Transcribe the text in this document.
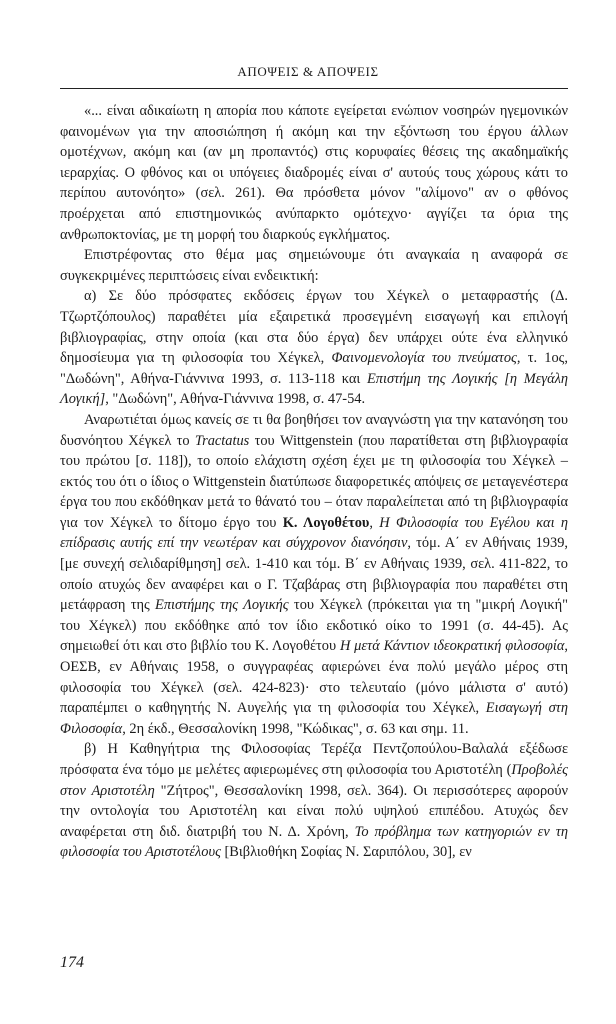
ΑΠΟΨΕΙΣ & ΑΠΟΨΕΙΣ

«... είναι αδικαίωτη η απορία που κάποτε εγείρεται ενώπιον νοσηρών ηγεμονικών φαινομένων για την αποσιώπηση ή ακόμη και την εξόντωση του έργου άλλων ομοτέχνων, ακόμη και (αν μη προπαντός) στις κορυφαίες θέσεις της ακαδημαϊκής ιεραρχίας. Ο φθόνος και οι υπόγειες διαδρομές είναι σ' αυτούς τους χώρους κάτι το περίπου αυτονόητο» (σελ. 261). Θα πρόσθετα μόνον "αλίμονο" αν ο φθόνος προέρχεται από επιστημονικώς ανύπαρκτο ομότεχνο· αγγίζει τα όρια της ανθρωποκτονίας, με τη μορφή του διαρκούς εγκλήματος.

Επιστρέφοντας στο θέμα μας σημειώνουμε ότι αναγκαία η αναφορά σε συγκεκριμένες περιπτώσεις είναι ενδεικτική:

α) Σε δύο πρόσφατες εκδόσεις έργων του Χέγκελ ο μεταφραστής (Δ. Τζωρτζόπουλος) παραθέτει μία εξαιρετικά προσεγμένη εισαγωγή και επιλογή βιβλιογραφίας, στην οποία (και στα δύο έργα) δεν υπάρχει ούτε ένα ελληνικό δημοσίευμα για τη φιλοσοφία του Χέγκελ, Φαινομενολογία του πνεύματος, τ. 1ος, "Δωδώνη", Αθήνα-Γιάννινα 1993, σ. 113-118 και Επιστήμη της Λογικής [η Μεγάλη Λογική], "Δωδώνη", Αθήνα-Γιάννινα 1998, σ. 47-54.

Αναρωτιέται όμως κανείς σε τι θα βοηθήσει τον αναγνώστη για την κατανόηση του δυσνόητου Χέγκελ το Tractatus του Wittgenstein (που παρατίθεται στη βιβλιογραφία του πρώτου [σ. 118]), το οποίο ελάχιστη σχέση έχει με τη φιλοσοφία του Χέγκελ – εκτός του ότι ο ίδιος ο Wittgenstein διατύπωσε διαφορετικές απόψεις σε μεταγενέστερα έργα του που εκδόθηκαν μετά το θάνατό του – όταν παραλείπεται από τη βιβλιογραφία για τον Χέγκελ το δίτομο έργο του Κ. Λογοθέτου, Η Φιλοσοφία του Εγέλου και η επίδρασις αυτής επί την νεωτέραν και σύγχρονον διανόησιν, τόμ. Α΄ εν Αθήναις 1939, [με συνεχή σελιδαρίθμηση] σελ. 1-410 και τόμ. Β΄ εν Αθήναις 1939, σελ. 411-822, το οποίο ατυχώς δεν αναφέρει και ο Γ. Τζαβάρας στη βιβλιογραφία που παραθέτει στη μετάφραση της Επιστήμης της Λογικής του Χέγκελ (πρόκειται για τη "μικρή Λογική" του Χέγκελ) που εκδόθηκε από τον ίδιο εκδοτικό οίκο το 1991 (σ. 44-45). Ας σημειωθεί ότι και στο βιβλίο του Κ. Λογοθέτου Η μετά Κάντιον ιδεοκρατική φιλοσοφία, ΟΕΣΒ, εν Αθήναις 1958, ο συγγραφέας αφιερώνει ένα πολύ μεγάλο μέρος στη φιλοσοφία του Χέγκελ (σελ. 424-823)· στο τελευταίο (μόνο μάλιστα σ' αυτό) παραπέμπει ο καθηγητής Ν. Αυγελής για τη φιλοσοφία του Χέγκελ, Εισαγωγή στη Φιλοσοφία, 2η έκδ., Θεσσαλονίκη 1998, "Κώδικας", σ. 63 και σημ. 11.

β) Η Καθηγήτρια της Φιλοσοφίας Τερέζα Πεντζοπούλου-Βαλαλά εξέδωσε πρόσφατα ένα τόμο με μελέτες αφιερωμένες στη φιλοσοφία του Αριστοτέλη (Προβολές στον Αριστοτέλη "Ζήτρος", Θεσσαλονίκη 1998, σελ. 364). Οι περισσότερες αφορούν την οντολογία του Αριστοτέλη και είναι πολύ υψηλού επιπέδου. Ατυχώς δεν αναφέρεται στη διδ. διατριβή του Ν. Δ. Χρόνη, Το πρόβλημα των κατηγοριών εν τη φιλοσοφία του Αριστοτέλους [Βιβλιοθήκη Σοφίας Ν. Σαριπόλου, 30], εν

174
